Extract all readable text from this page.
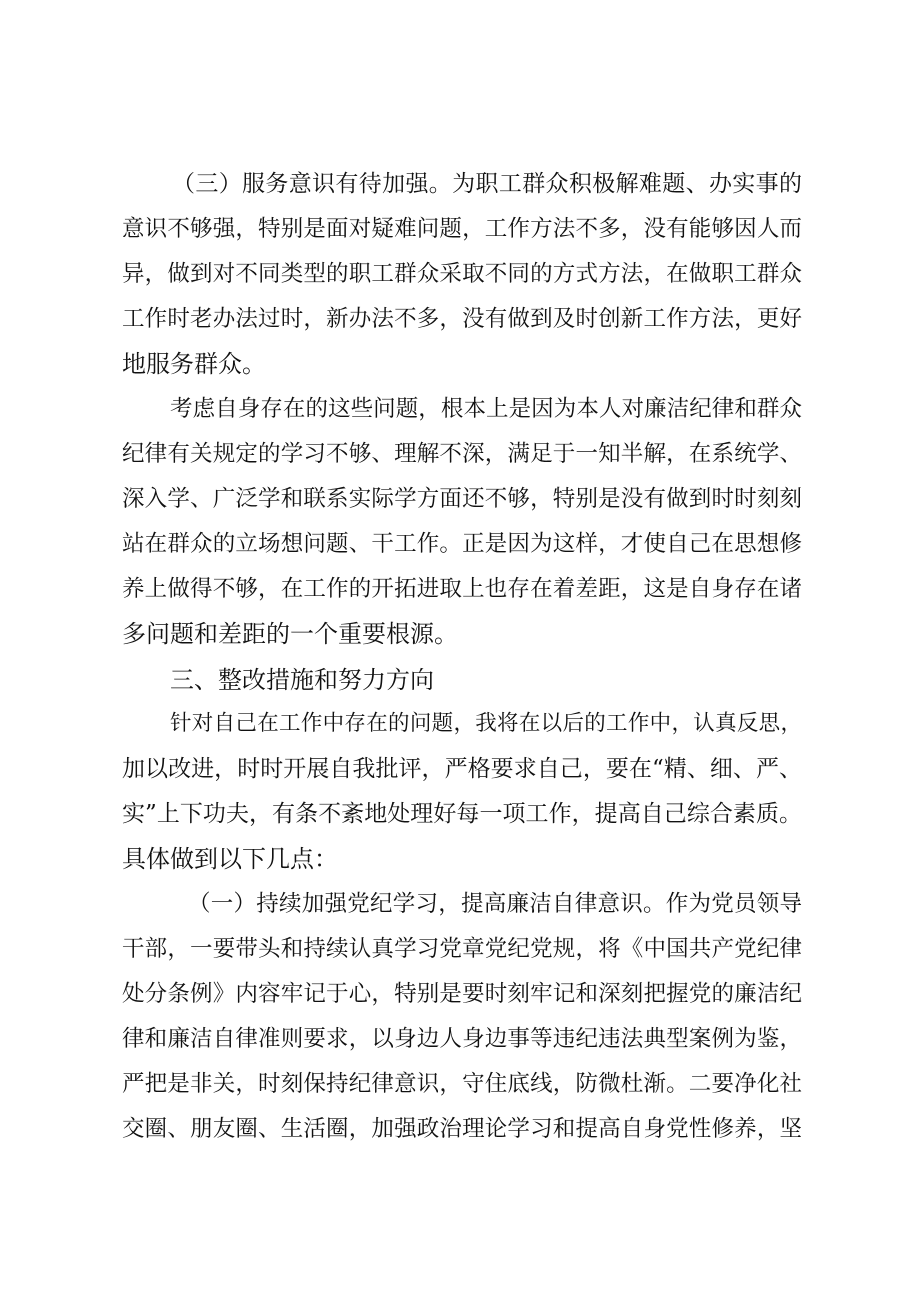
（三）服务意识有待加强。为职工群众积极解难题、办实事的
意识不够强，特别是面对疑难问题，工作方法不多，没有能够因人而
异，做到对不同类型的职工群众采取不同的方式方法，在做职工群众
工作时老办法过时，新办法不多，没有做到及时创新工作方法，更好
地服务群众。
考虑自身存在的这些问题，根本上是因为本人对廉洁纪律和群众
纪律有关规定的学习不够、理解不深，满足于一知半解，在系统学、
深入学、广泛学和联系实际学方面还不够，特别是没有做到时时刻刻
站在群众的立场想问题、干工作。正是因为这样，才使自己在思想修
养上做得不够，在工作的开拓进取上也存在着差距，这是自身存在诸
多问题和差距的一个重要根源。
三、整改措施和努力方向
针对自己在工作中存在的问题，我将在以后的工作中，认真反思，
加以改进，时时开展自我批评，严格要求自己，要在“精、细、严、
实”上下功夫，有条不紊地处理好每一项工作，提高自己综合素质。
具体做到以下几点：
（一）持续加强党纪学习，提高廉洁自律意识。作为党员领导
干部，一要带头和持续认真学习党章党纪党规，将《中国共产党纪律
处分条例》内容牢记于心，特别是要时刻牢记和深刻把握党的廉洁纪
律和廉洁自律准则要求，以身边人身边事等违纪违法典型案例为鉴，
严把是非关，时刻保持纪律意识，守住底线，防微杜渐。二要净化社
交圈、朋友圈、生活圈，加强政治理论学习和提高自身党性修养，坚
